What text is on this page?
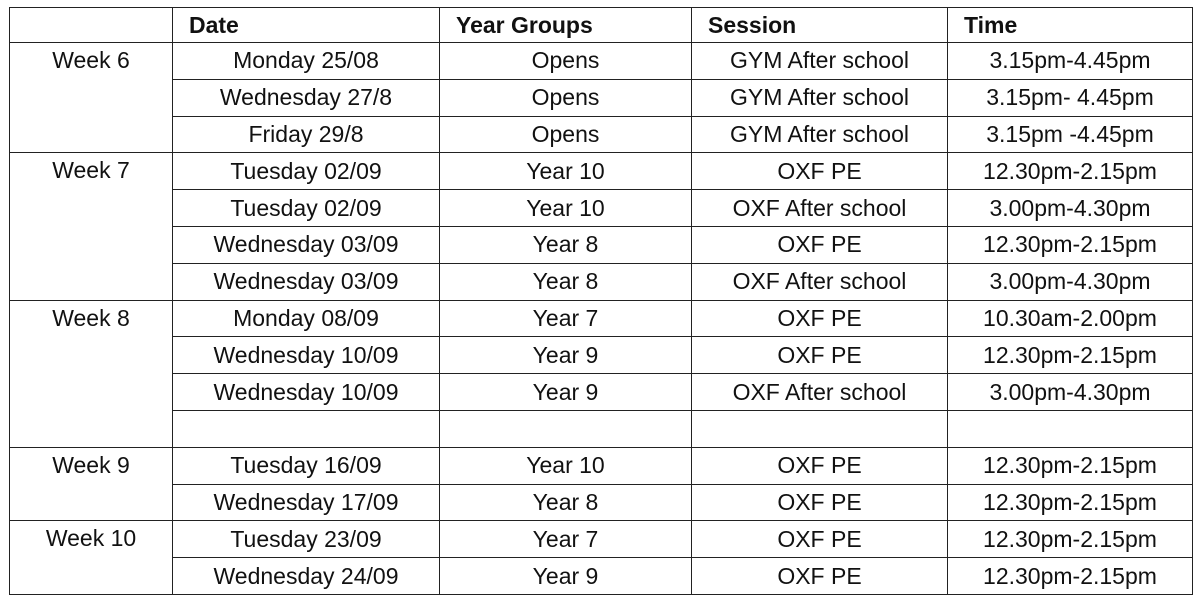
	Date	Year Groups	Session	Time
Week 6	Monday 25/08	Opens	GYM After school	3.15pm-4.45pm
	Wednesday 27/8	Opens	GYM After school	3.15pm- 4.45pm
	Friday 29/8	Opens	GYM After school	3.15pm -4.45pm
Week 7	Tuesday 02/09	Year 10	OXF PE	12.30pm-2.15pm
	Tuesday 02/09	Year 10	OXF After school	3.00pm-4.30pm
	Wednesday 03/09	Year 8	OXF PE	12.30pm-2.15pm
	Wednesday 03/09	Year 8	OXF After school	3.00pm-4.30pm
Week 8	Monday 08/09	Year 7	OXF PE	10.30am-2.00pm
	Wednesday 10/09	Year 9	OXF PE	12.30pm-2.15pm
	Wednesday 10/09	Year 9	OXF After school	3.00pm-4.30pm

Week 9	Tuesday 16/09	Year 10	OXF PE	12.30pm-2.15pm
	Wednesday 17/09	Year 8	OXF PE	12.30pm-2.15pm
Week 10	Tuesday 23/09	Year 7	OXF PE	12.30pm-2.15pm
	Wednesday 24/09	Year 9	OXF PE	12.30pm-2.15pm
